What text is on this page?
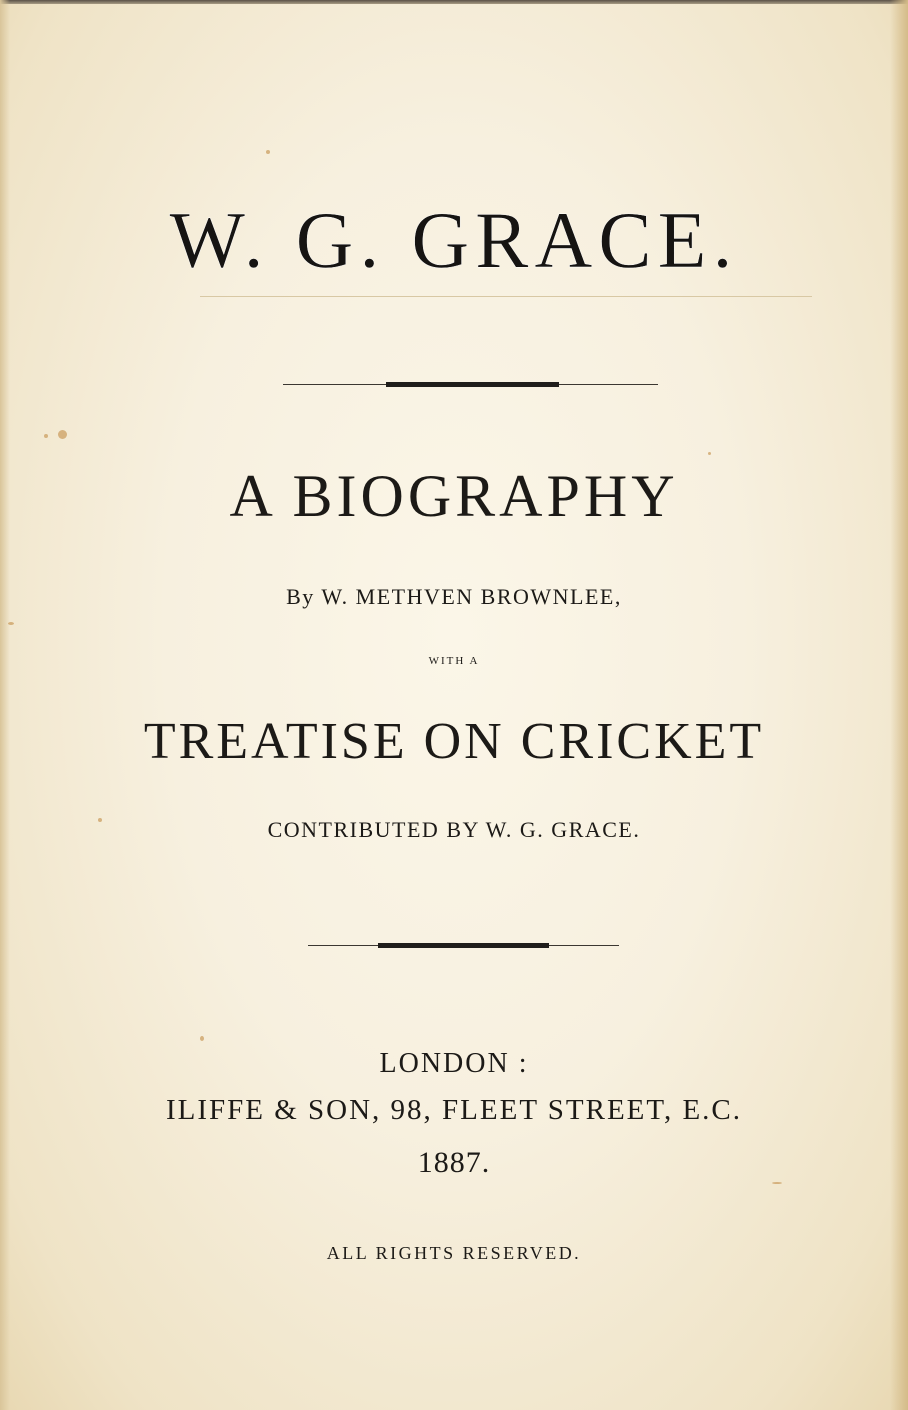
W. G. GRACE.
A BIOGRAPHY
By W. METHVEN BROWNLEE,
WITH A

TREATISE ON CRICKET
CONTRIBUTED BY W. G. GRACE.
LONDON :
ILIFFE & SON, 98, FLEET STREET, E.C.
1887.
ALL RIGHTS RESERVED.
